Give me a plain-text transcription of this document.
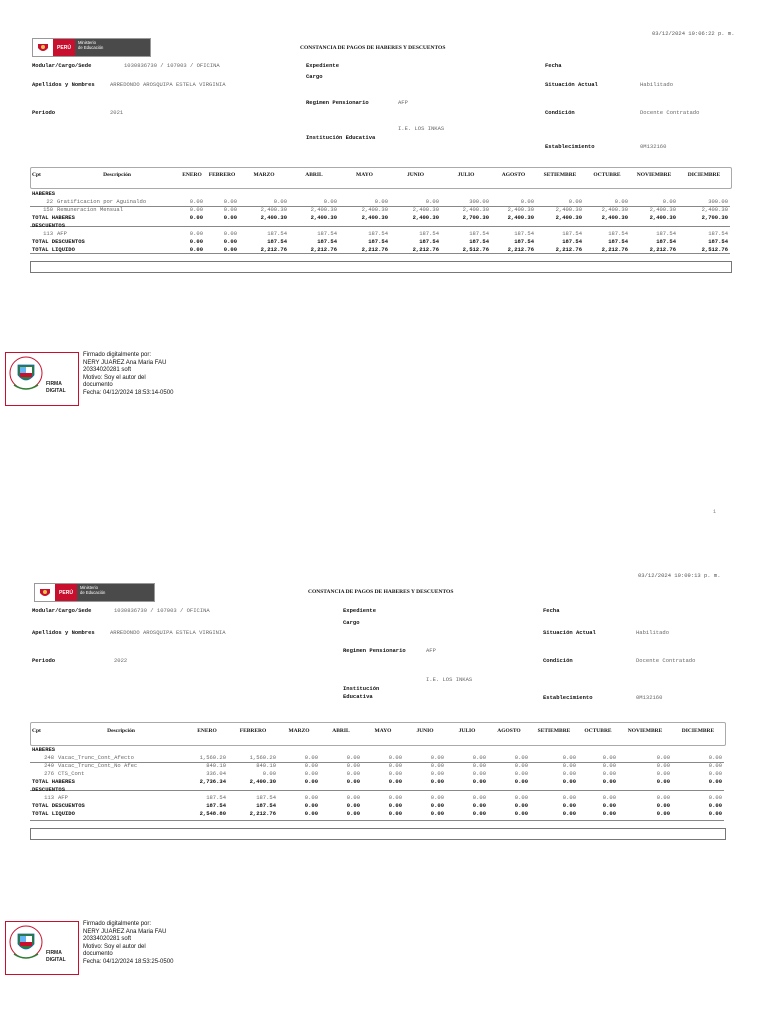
03/12/2024 10:06:22 p. m.
PERÚ
Ministerio
de Educación	CONSTANCIA DE PAGOS DE HABERES Y DESCUENTOS
Modular/Cargo/Sede	1030836730 / 107003 / OFICINA
Apellidos y Nombres	ARREDONDO AROSQUIPA ESTELA VIRGINIA
Periodo	2021
Expediente
Cargo
Regimen Pensionario	AFP
I.E. LOS INKAS
Institución Educativa
Fecha
Situación Actual	Habilitado
Condición	Docente Contratado
Establecimiento	0M132160
Cpt	Descripción	ENERO	FEBRERO	MARZO	ABRIL	MAYO	JUNIO	JULIO	AGOSTO	SETIEMBRE	OCTUBRE	NOVIEMBRE	DICIEMBRE

HABERES													
22	Gratificacion por Aguinaldo	0.00	0.00	0.00	0.00	0.00	0.00	300.00	0.00	0.00	0.00	0.00	300.00
150	Remuneracion Mensual	0.00	0.00	2,400.30	2,400.30	2,400.30	2,400.30	2,400.30	2,400.30	2,400.30	2,400.30	2,400.30	2,400.30
TOTAL HABERES		0.00	0.00	2,400.30	2,400.30	2,400.30	2,400.30	2,700.30	2,400.30	2,400.30	2,400.30	2,400.30	2,700.30
DESCUENTOS													
113	AFP	0.00	0.00	187.54	187.54	187.54	187.54	187.54	187.54	187.54	187.54	187.54	187.54
TOTAL DESCUENTOS		0.00	0.00	187.54	187.54	187.54	187.54	187.54	187.54	187.54	187.54	187.54	187.54
TOTAL LIQUIDO		0.00	0.00	2,212.76	2,212.76	2,212.76	2,212.76	2,512.76	2,212.76	2,212.76	2,212.76	2,212.76	2,512.76
1
FIRMA DIGITAL
Firmado digitalmente por:
NERY JUAREZ Ana Maria FAU
20334020281 soft
Motivo: Soy el autor del
documento
Fecha: 04/12/2024 18:53:14-0500
03/12/2024 10:09:13 p. m.
PERÚ
Ministerio
de Educación	CONSTANCIA DE PAGOS DE HABERES Y DESCUENTOS
Modular/Cargo/Sede	1030836730 / 107003 / OFICINA
Apellidos y Nombres	ARREDONDO AROSQUIPA ESTELA VIRGINIA
Periodo	2022
Expediente
Cargo
Regimen Pensionario	AFP
I.E. LOS INKAS
Institución Educativa
Fecha
Situación Actual	Habilitado
Condición	Docente Contratado
Establecimiento	0M132160
Cpt	Descripción	ENERO	FEBRERO	MARZO	ABRIL	MAYO	JUNIO	JULIO	AGOSTO	SETIEMBRE	OCTUBRE	NOVIEMBRE	DICIEMBRE

HABERES													
248	Vacac_Trunc_Cont_Afecto	1,560.20	1,560.20	0.00	0.00	0.00	0.00	0.00	0.00	0.00	0.00	0.00	0.00
249	Vacac_Trunc_Cont_No Afec	840.10	840.10	0.00	0.00	0.00	0.00	0.00	0.00	0.00	0.00	0.00	0.00
276	CTS_Cont	336.04	0.00	0.00	0.00	0.00	0.00	0.00	0.00	0.00	0.00	0.00	0.00
TOTAL HABERES		2,736.34	2,400.30	0.00	0.00	0.00	0.00	0.00	0.00	0.00	0.00	0.00	0.00
DESCUENTOS													
113	AFP	187.54	187.54	0.00	0.00	0.00	0.00	0.00	0.00	0.00	0.00	0.00	0.00
TOTAL DESCUENTOS		187.54	187.54	0.00	0.00	0.00	0.00	0.00	0.00	0.00	0.00	0.00	0.00
TOTAL LIQUIDO		2,548.80	2,212.76	0.00	0.00	0.00	0.00	0.00	0.00	0.00	0.00	0.00	0.00
FIRMA DIGITAL
Firmado digitalmente por:
NERY JUAREZ Ana Maria FAU
20334020281 soft
Motivo: Soy el autor del
documento
Fecha: 04/12/2024 18:53:25-0500
